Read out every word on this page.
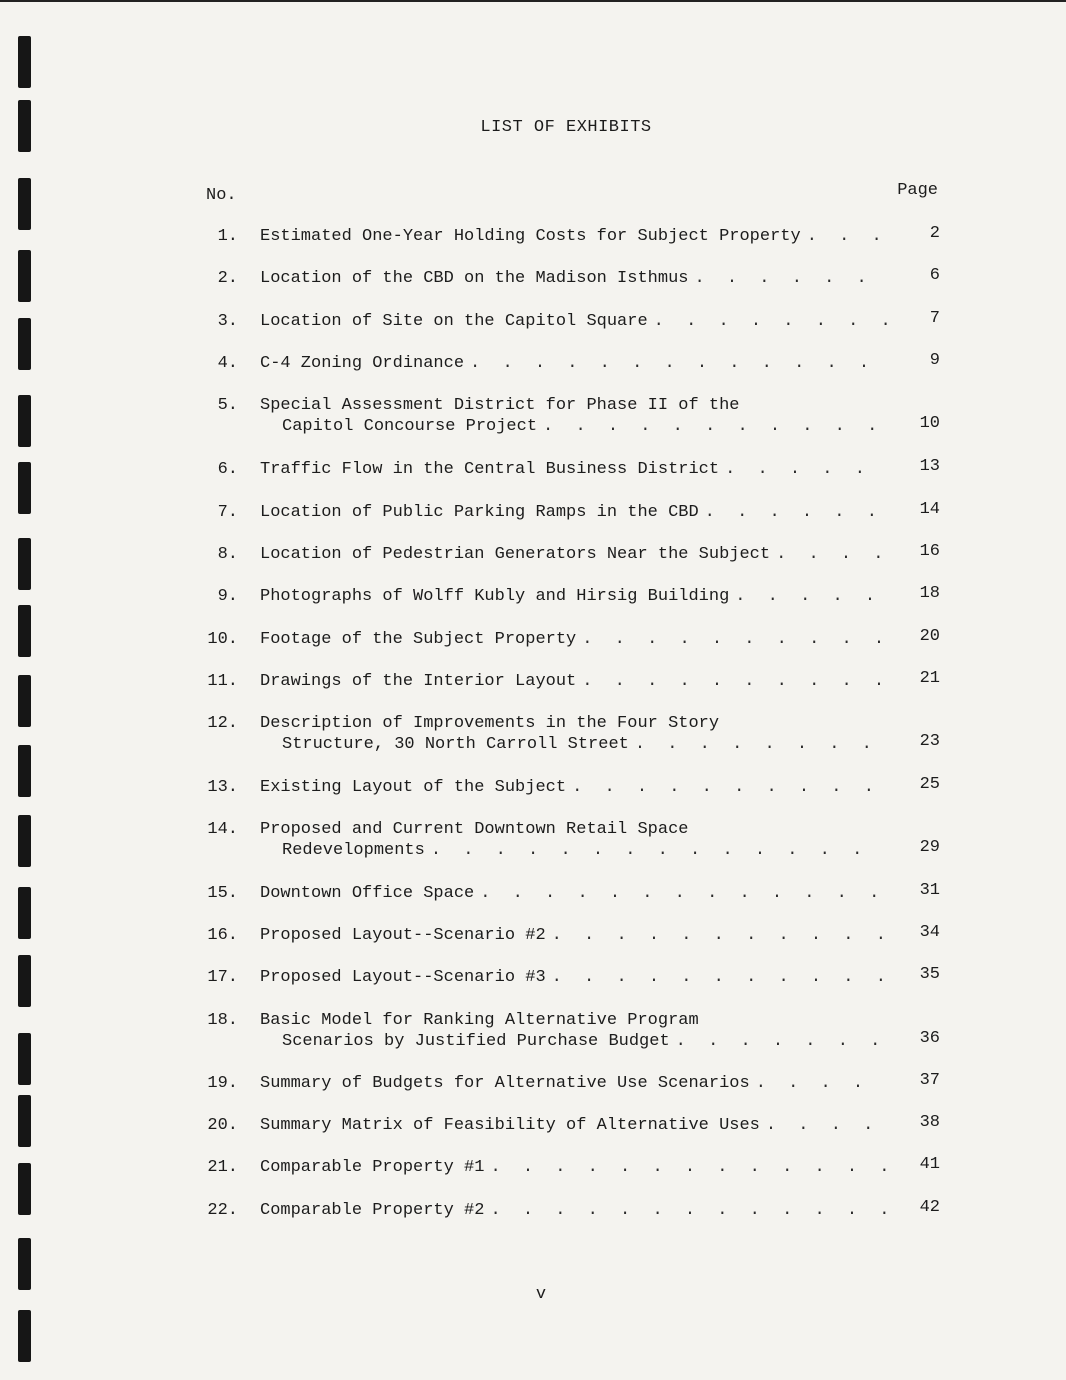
LIST OF EXHIBITS
No.	Page
1. Estimated One-Year Holding Costs for Subject Property . . .	2
2. Location of the CBD on the Madison Isthmus . . .	6
3. Location of Site on the Capitol Square . . .	7
4. C-4 Zoning Ordinance . . .	9
5. Special Assessment District for Phase II of the
Capitol Concourse Project . . .	10
6. Traffic Flow in the Central Business District . . .	13
7. Location of Public Parking Ramps in the CBD . . .	14
8. Location of Pedestrian Generators Near the Subject . . .	16
9. Photographs of Wolff Kubly and Hirsig Building . . .	18
10. Footage of the Subject Property . . .	20
11. Drawings of the Interior Layout . . .	21
12. Description of Improvements in the Four Story
Structure, 30 North Carroll Street . . .	23
13. Existing Layout of the Subject . . .	25
14. Proposed and Current Downtown Retail Space
Redevelopments . . .	29
15. Downtown Office Space . . .	31
16. Proposed Layout--Scenario #2 . . .	34
17. Proposed Layout--Scenario #3 . . .	35
18. Basic Model for Ranking Alternative Program
Scenarios by Justified Purchase Budget . . .	36
19. Summary of Budgets for Alternative Use Scenarios . . .	37
20. Summary Matrix of Feasibility of Alternative Uses . . .	38
21. Comparable Property #1 . . .	41
22. Comparable Property #2 . . .	42
v
